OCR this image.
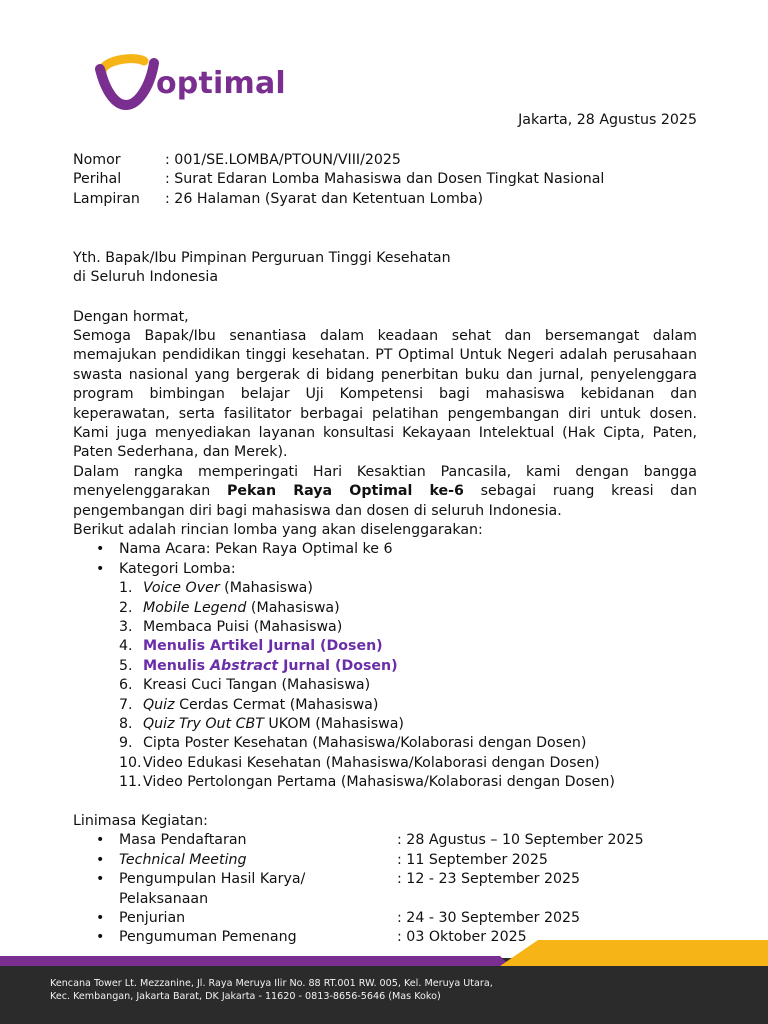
optimal
Jakarta, 28 Agustus 2025
Nomor	: 001/SE.LOMBA/PTOUN/VIII/2025
Perihal	: Surat Edaran Lomba Mahasiswa dan Dosen Tingkat Nasional
Lampiran	: 26 Halaman (Syarat dan Ketentuan Lomba)
Yth. Bapak/Ibu Pimpinan Perguruan Tinggi Kesehatan
di Seluruh Indonesia
Dengan hormat,
Semoga Bapak/Ibu senantiasa dalam keadaan sehat dan bersemangat dalam memajukan pendidikan tinggi kesehatan. PT Optimal Untuk Negeri adalah perusahaan swasta nasional yang bergerak di bidang penerbitan buku dan jurnal, penyelenggara program bimbingan belajar Uji Kompetensi bagi mahasiswa kebidanan dan keperawatan, serta fasilitator berbagai pelatihan pengembangan diri untuk dosen. Kami juga menyediakan layanan konsultasi Kekayaan Intelektual (Hak Cipta, Paten, Paten Sederhana, dan Merek).
Dalam rangka memperingati Hari Kesaktian Pancasila, kami dengan bangga menyelenggarakan Pekan Raya Optimal ke-6 sebagai ruang kreasi dan pengembangan diri bagi mahasiswa dan dosen di seluruh Indonesia.
Berikut adalah rincian lomba yang akan diselenggarakan:
• Nama Acara: Pekan Raya Optimal ke 6
• Kategori Lomba:
1. Voice Over (Mahasiswa)
2. Mobile Legend (Mahasiswa)
3. Membaca Puisi (Mahasiswa)
4. Menulis Artikel Jurnal (Dosen)
5. Menulis Abstract Jurnal (Dosen)
6. Kreasi Cuci Tangan (Mahasiswa)
7. Quiz Cerdas Cermat (Mahasiswa)
8. Quiz Try Out CBT UKOM (Mahasiswa)
9. Cipta Poster Kesehatan (Mahasiswa/Kolaborasi dengan Dosen)
10. Video Edukasi Kesehatan (Mahasiswa/Kolaborasi dengan Dosen)
11. Video Pertolongan Pertama (Mahasiswa/Kolaborasi dengan Dosen)
Linimasa Kegiatan:
• Masa Pendaftaran	: 28 Agustus – 10 September 2025
• Technical Meeting	: 11 September 2025
• Pengumpulan Hasil Karya/ Pelaksanaan
: 12 - 23 September 2025
• Penjurian	: 24 - 30 September 2025
• Pengumuman Pemenang	: 03 Oktober 2025
Kencana Tower Lt. Mezzanine, Jl. Raya Meruya Ilir No. 88 RT.001 RW. 005, Kel. Meruya Utara,
Kec. Kembangan, Jakarta Barat, DK Jakarta - 11620 - 0813-8656-5646 (Mas Koko)
